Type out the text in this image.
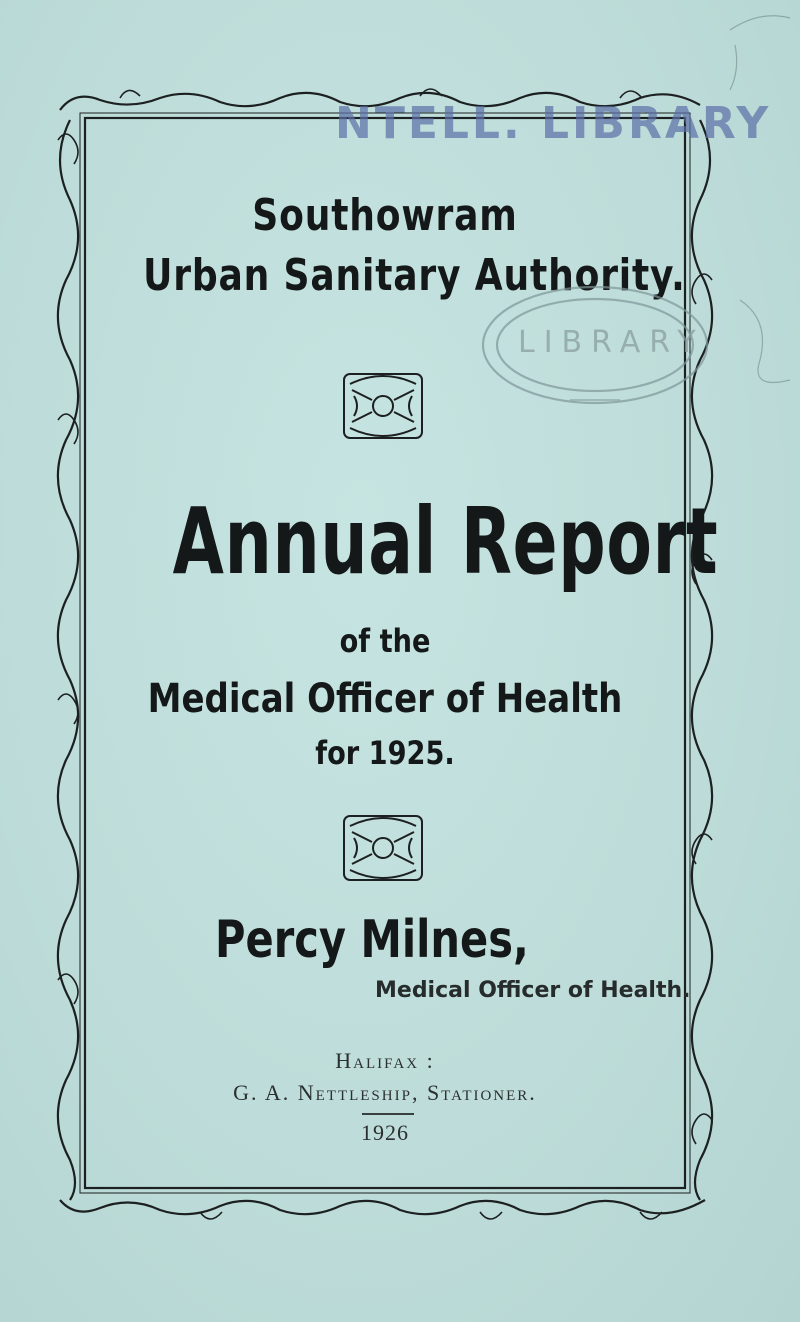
NTELL. LIBRARY
Southowram
Urban Sanitary Authority.
LIBRARY
Annual Report
of the
Medical Officer of Health
for 1925.
Percy Milnes,
Medical Officer of Health.
Halifax :
G. A. Nettleship, Stationer.
1926
